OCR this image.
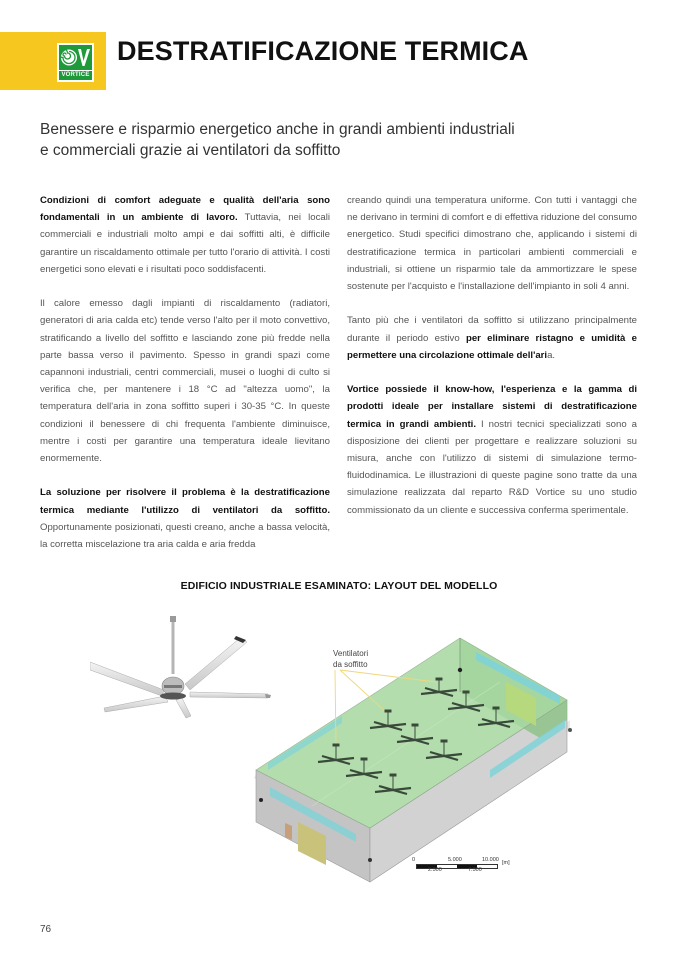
VORTICE
DESTRATIFICAZIONE TERMICA
Benessere e risparmio energetico anche in grandi ambienti industriali
e commerciali grazie ai ventilatori da soffitto

Condizioni di comfort adeguate e qualità dell'aria sono fondamentali in un ambiente di lavoro. Tuttavia, nei locali commerciali e industriali molto ampi e dai soffitti alti, è difficile garantire un riscaldamento ottimale per tutto l'orario di attività. I costi energetici sono elevati e i risultati poco soddisfacenti.

Il calore emesso dagli impianti di riscaldamento (radiatori, generatori di aria calda etc) tende verso l'alto per il moto convettivo, stratificando a livello del soffitto e lasciando zone più fredde nella parte bassa verso il pavimento. Spesso in grandi spazi come capannoni industriali, centri commerciali, musei o luoghi di culto si verifica che, per mantenere i 18 °C ad "altezza uomo", la temperatura dell'aria in zona soffitto superi i 30-35 °C. In queste condizioni il benessere di chi frequenta l'ambiente diminuisce, mentre i costi per garantire una temperatura ideale lievitano enormemente.

La soluzione per risolvere il problema è la destratificazione termica mediante l'utilizzo di ventilatori da soffitto. Opportunamente posizionati, questi creano, anche a bassa velocità, la corretta miscelazione tra aria calda e aria fredda

creando quindi una temperatura uniforme. Con tutti i vantaggi che ne derivano in termini di comfort e di effettiva riduzione del consumo energetico. Studi specifici dimostrano che, applicando i sistemi di destratificazione termica in particolari ambienti commerciali e industriali, si ottiene un risparmio tale da ammortizzare le spese sostenute per l'acquisto e l'installazione dell'impianto in soli 4 anni.

Tanto più che i ventilatori da soffitto si utilizzano principalmente durante il periodo estivo per eliminare ristagno e umidità e permettere una circolazione ottimale dell'aria.

Vortice possiede il know-how, l'esperienza e la gamma di prodotti ideale per installare sistemi di destratificazione termica in grandi ambienti. I nostri tecnici specializzati sono a disposizione dei clienti per progettare e realizzare soluzioni su misura, anche con l'utilizzo di sistemi di simulazione termo-fluidodinamica. Le illustrazioni di queste pagine sono tratte da una simulazione realizzata dal reparto R&D Vortice su uno studio commissionato da un cliente e successiva conferma sperimentale.

EDIFICIO INDUSTRIALE ESAMINATO: LAYOUT DEL MODELLO
Ventilatori
da soffitto
0	5.000	10.000 [m]
2.500	7.500
76
